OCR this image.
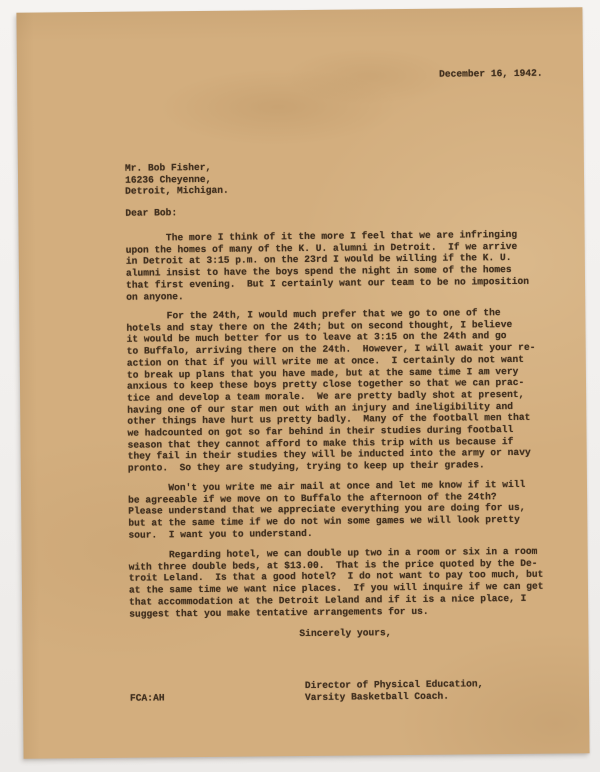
December 16, 1942.
Mr. Bob Fisher,
16236 Cheyenne,
Detroit, Michigan.
Dear Bob:
The more I think of it the more I feel that we are infringing
upon the homes of many of the K. U. alumni in Detroit.  If we arrive
in Detroit at 3:15 p.m. on the 23rd I would be willing if the K. U.
alumni insist to have the boys spend the night in some of the homes
that first evening.  But I certainly want our team to be no imposition
on anyone.
For the 24th, I would much prefer that we go to one of the
hotels and stay there on the 24th; but on second thought, I believe
it would be much better for us to leave at 3:15 on the 24th and go
to Buffalo, arriving there on the 24th.  However, I will await your re-
action on that if you will write me at once.  I certainly do not want
to break up plans that you have made, but at the same time I am very
anxious to keep these boys pretty close together so that we can prac-
tice and develop a team morale.  We are pretty badly shot at present,
having one of our star men out with an injury and ineligibility and
other things have hurt us pretty badly.  Many of the football men that
we hadcounted on got so far behind in their studies during football
season that they cannot afford to make this trip with us because if
they fail in their studies they will be inducted into the army or navy
pronto.  So they are studying, trying to keep up their grades.
Won't you write me air mail at once and let me know if it will
be agreeable if we move on to Buffalo the afternoon of the 24th?
Please understand that we appreciate everything you are doing for us,
but at the same time if we do not win some games we will look pretty
sour.  I want you to understand.
Regarding hotel, we can double up two in a room or six in a room
with three double beds, at $13.00.  That is the price quoted by the De-
troit Leland.  Is that a good hotel?  I do not want to pay too much, but
at the same time we want nice places.  If you will inquire if we can get
that accommodation at the Detroit Leland and if it is a nice place, I
suggest that you make tentative arrangements for us.
Sincerely yours,
Director of Physical Education,
Varsity Basketball Coach.
FCA:AH
